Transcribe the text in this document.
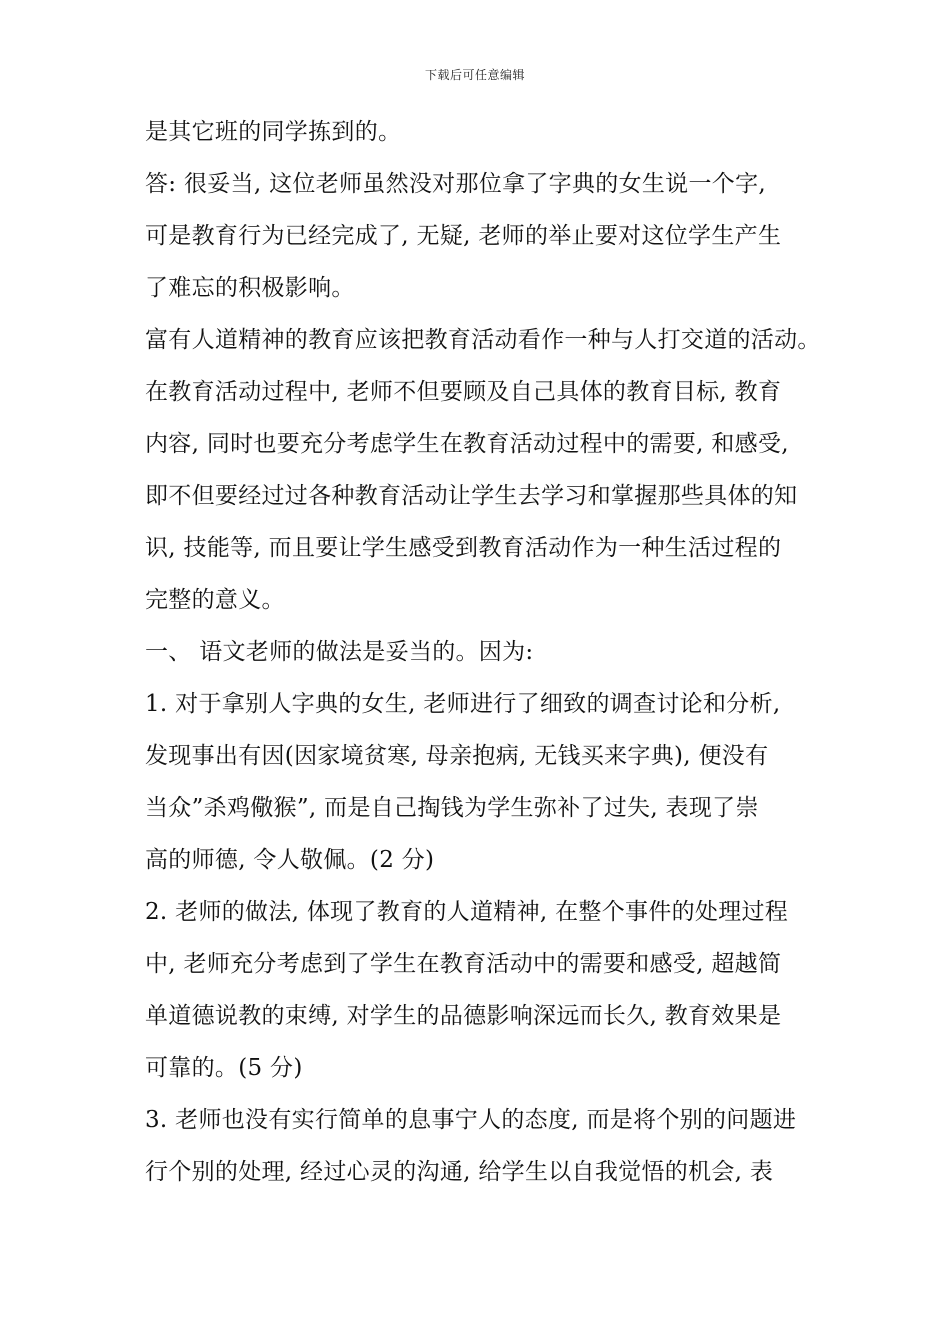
下载后可任意编辑
是其它班的同学拣到的。
答: 很妥当, 这位老师虽然没对那位拿了字典的女生说一个字,
可是教育行为已经完成了, 无疑, 老师的举止要对这位学生产生
了难忘的积极影响。
富有人道精神的教育应该把教育活动看作一种与人打交道的活动。
在教育活动过程中, 老师不但要顾及自己具体的教育目标, 教育
内容, 同时也要充分考虑学生在教育活动过程中的需要, 和感受,
即不但要经过过各种教育活动让学生去学习和掌握那些具体的知
识, 技能等, 而且要让学生感受到教育活动作为一种生活过程的
完整的意义。
一、 语文老师的做法是妥当的。因为:
1. 对于拿别人字典的女生, 老师进行了细致的调查讨论和分析,
发现事出有因(因家境贫寒, 母亲抱病, 无钱买来字典), 便没有
当众”杀鸡儆猴”, 而是自己掏钱为学生弥补了过失, 表现了崇
高的师德, 令人敬佩。(2 分)
2. 老师的做法, 体现了教育的人道精神, 在整个事件的处理过程
中, 老师充分考虑到了学生在教育活动中的需要和感受, 超越简
单道德说教的束缚, 对学生的品德影响深远而长久, 教育效果是
可靠的。(5 分)
3. 老师也没有实行简单的息事宁人的态度, 而是将个别的问题进
行个别的处理, 经过心灵的沟通, 给学生以自我觉悟的机会, 表
